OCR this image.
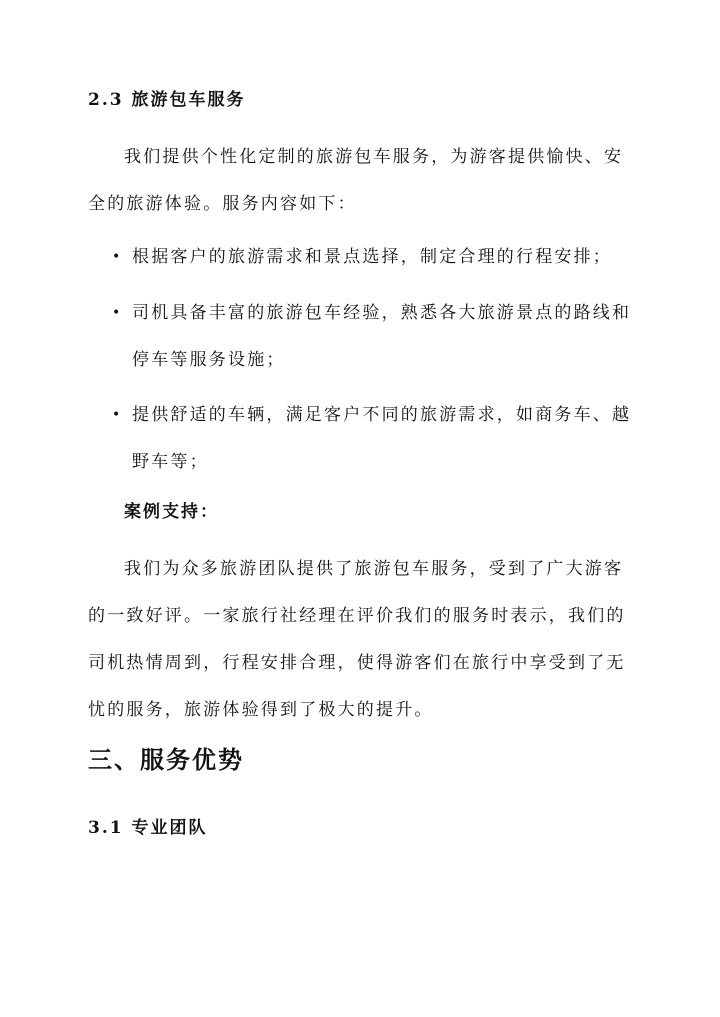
2.3 旅游包车服务
我们提供个性化定制的旅游包车服务，为游客提供愉快、安全的旅游体验。服务内容如下：
• 根据客户的旅游需求和景点选择，制定合理的行程安排；
• 司机具备丰富的旅游包车经验，熟悉各大旅游景点的路线和停车等服务设施；
• 提供舒适的车辆，满足客户不同的旅游需求，如商务车、越野车等；
案例支持：
我们为众多旅游团队提供了旅游包车服务，受到了广大游客的一致好评。一家旅行社经理在评价我们的服务时表示，我们的司机热情周到，行程安排合理，使得游客们在旅行中享受到了无忧的服务，旅游体验得到了极大的提升。
三、服务优势
3.1 专业团队
